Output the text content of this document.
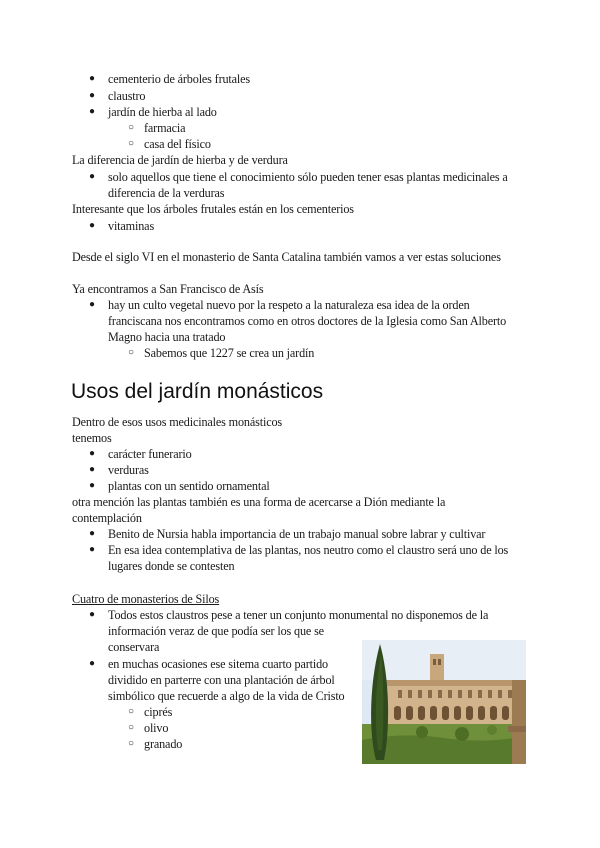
● cementerio de árboles frutales
● claustro
● jardín de hierba al lado
○ farmacia
○ casa del físico
La diferencia de jardín de hierba y de verdura
● solo aquellos que tiene el conocimiento sólo pueden tener esas plantas medicinales a
diferencia de la verduras
Interesante que los árboles frutales están en los cementerios
● vitaminas
Desde el siglo VI en el monasterio de Santa Catalina también vamos a ver estas soluciones
Ya encontramos a San Francisco de Asís
● hay un culto vegetal nuevo por la respeto a la naturaleza esa idea de la orden
franciscana nos encontramos como en otros doctores de la Iglesia como San Alberto
Magno hacia una tratado
○ Sabemos que 1227 se crea un jardín
Usos del jardín monásticos
Dentro de esos usos medicinales monásticos
tenemos
● carácter funerario
● verduras
● plantas con un sentido ornamental
otra mención las plantas también es una forma de acercarse a Dión mediante la
contemplación
● Benito de Nursia habla importancia de un trabajo manual sobre labrar y cultivar
● En esa idea contemplativa de las plantas, nos neutro como el claustro será uno de los
lugares donde se contesten
Cuatro de monasterios de Silos
● Todos estos claustros pese a tener un conjunto monumental no disponemos de la
información veraz de que podía ser los que se
conservara
● en muchas ocasiones ese sitema cuarto partido
dividido en parterre con una plantación de árbol
simbólico que recuerde a algo de la vida de Cristo
○ ciprés
○ olivo
○ granado
